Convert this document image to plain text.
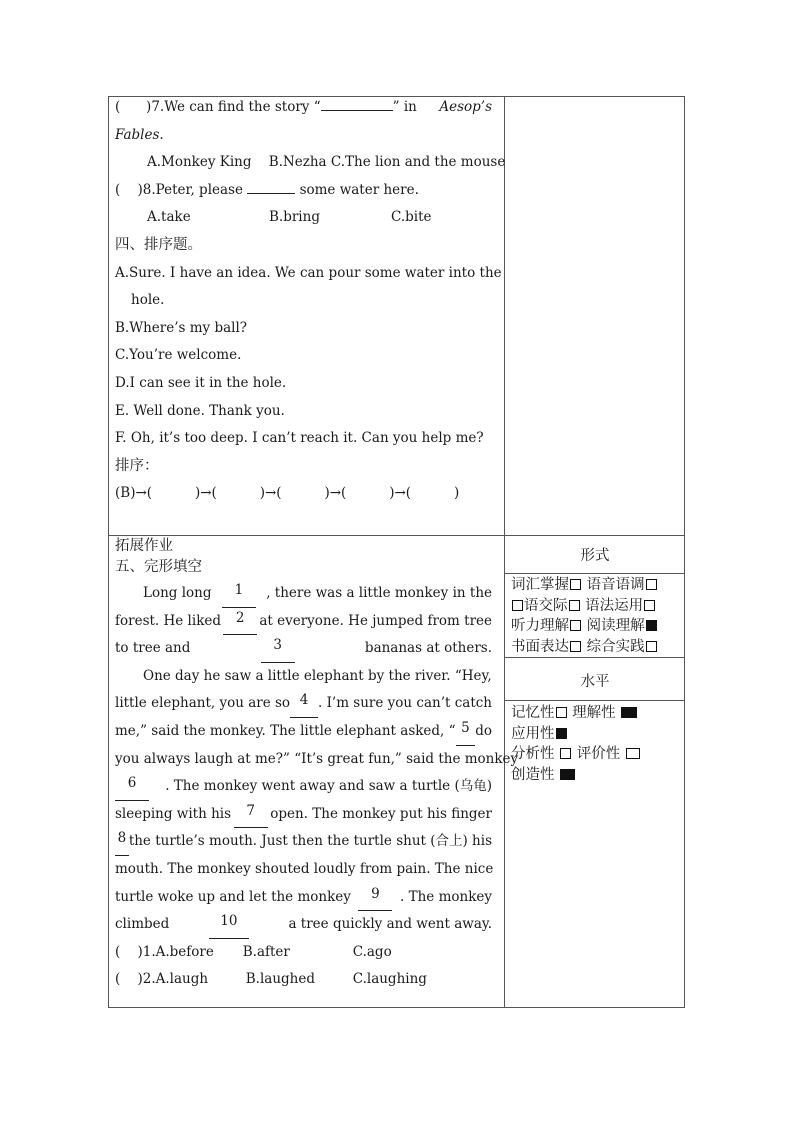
( )7.We can find the story “	” in Aesop’s
Fables.
A.Monkey King B.Nezha C.The lion and the mouse
( )8.Peter, please	some water here.
A.take	B.bring	C.bite
四、排序题。
A.Sure. I have an idea. We can pour some water into the
hole.
B.Where’s my ball?
C.You’re welcome.
D.I can see it in the hole.
E. Well done. Thank you.
F. Oh, it’s too deep. I can’t reach it. Can you help me?
排序：
(B)→(          )→(          )→(          )→(          )→(          )
拓展作业
五、完形填空
Long long	1	, there was a little monkey in the
forest. He liked	2	at everyone. He jumped from tree
to tree and	3	bananas at others.
One day he saw a little elephant by the river. “Hey,
little elephant, you are so 4 . I’m sure you can’t catch
me,” said the monkey. The little elephant asked, “ 5 do
you always laugh at me?” “It’s great fun,” said the monkey
6	. The monkey went away and saw a turtle (乌龟)
sleeping with his	7	open. The monkey put his finger
8 the turtle’s mouth. Just then the turtle shut (合上) his
mouth. The monkey shouted loudly from pain. The nice
turtle woke up and let the monkey	9	. The monkey
climbed	10	a tree quickly and went away.
( )1.A.before B.after	C.ago
( )2.A.laugh	B.laughed	C.laughing
形式
词汇掌握 语音语调
语交际 语法运用
听力理解 阅读理解
书面表达 综合实践
水平
记忆性 理解性
应用性
分析性 评价性
创造性
